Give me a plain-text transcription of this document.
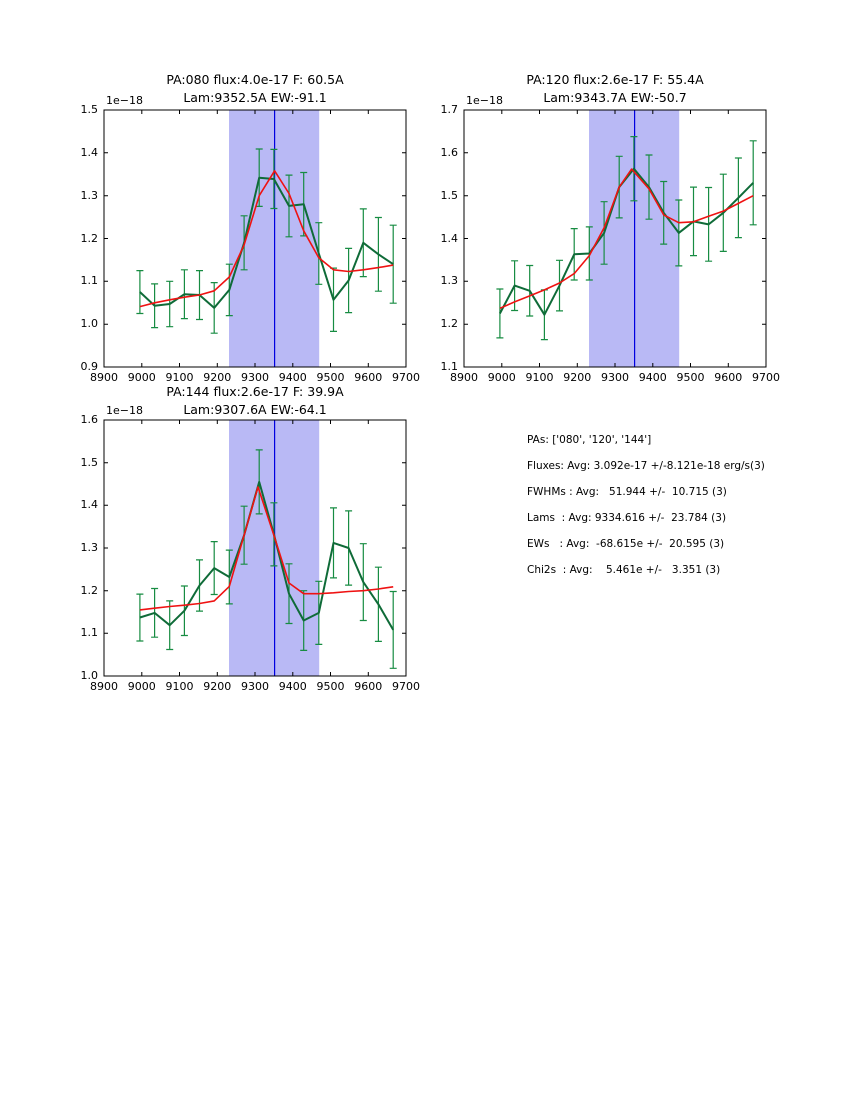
PA:080 flux:4.0e-17 F: 60.5A
Lam:9352.5A EW:-91.1
1e−18
8900 9000 9100 9200 9300 9400 9500 9600 9700
0.9
1.0
1.1
1.2
1.3
1.4
1.5
PA:120 flux:2.6e-17 F: 55.4A
Lam:9343.7A EW:-50.7
1e−18
8900 9000 9100 9200 9300 9400 9500 9600 9700
1.1
1.2
1.3
1.4
1.5
1.6
1.7
PA:144 flux:2.6e-17 F: 39.9A
Lam:9307.6A EW:-64.1
1e−18
8900 9000 9100 9200 9300 9400 9500 9600 9700
1.0
1.1
1.2
1.3
1.4
1.5
1.6
PAs: ['080', '120', '144']
Fluxes: Avg: 3.092e-17 +/-8.121e-18 erg/s(3)
FWHMs : Avg:   51.944 +/-  10.715 (3)
Lams  : Avg: 9334.616 +/-  23.784 (3)
EWs   : Avg:  -68.615e +/-  20.595 (3)
Chi2s  : Avg:    5.461e +/-   3.351 (3)
